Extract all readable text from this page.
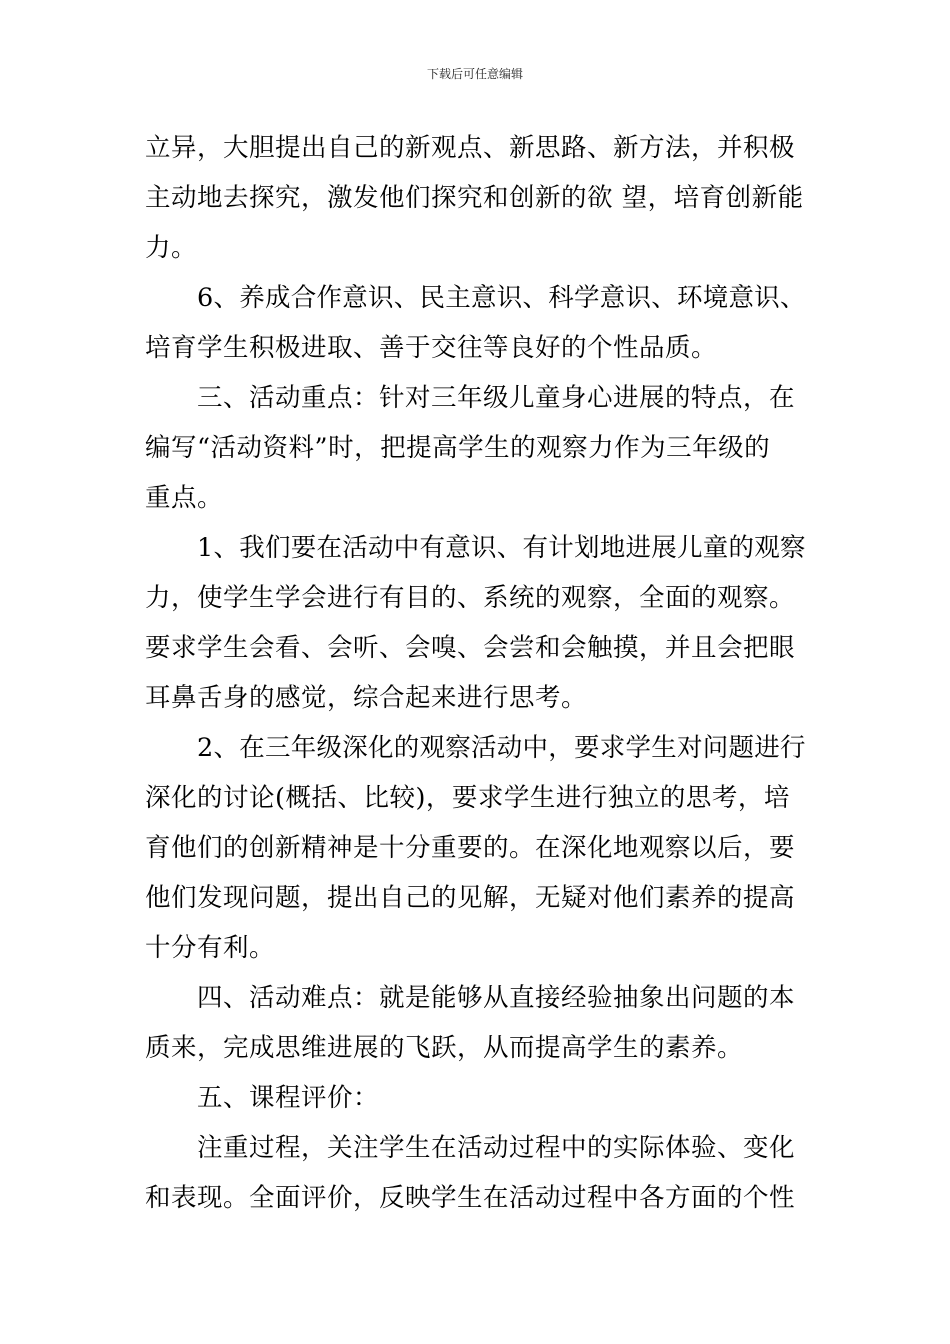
下载后可任意编辑
立异，大胆提出自己的新观点、新思路、新方法，并积极
主动地去探究，激发他们探究和创新的欲 望，培育创新能
力。
6、养成合作意识、民主意识、科学意识、环境意识、
培育学生积极进取、善于交往等良好的个性品质。
三、活动重点：针对三年级儿童身心进展的特点，在
编写“活动资料”时，把提高学生的观察力作为三年级的
重点。
1、我们要在活动中有意识、有计划地进展儿童的观察
力，使学生学会进行有目的、系统的观察，全面的观察。
要求学生会看、会听、会嗅、会尝和会触摸，并且会把眼
耳鼻舌身的感觉，综合起来进行思考。
2、在三年级深化的观察活动中，要求学生对问题进行
深化的讨论(概括、比较)，要求学生进行独立的思考，培
育他们的创新精神是十分重要的。在深化地观察以后，要
他们发现问题，提出自己的见解，无疑对他们素养的提高
十分有利。
四、活动难点：就是能够从直接经验抽象出问题的本
质来，完成思维进展的飞跃，从而提高学生的素养。
五、课程评价：
注重过程，关注学生在活动过程中的实际体验、变化
和表现。全面评价，反映学生在活动过程中各方面的个性
